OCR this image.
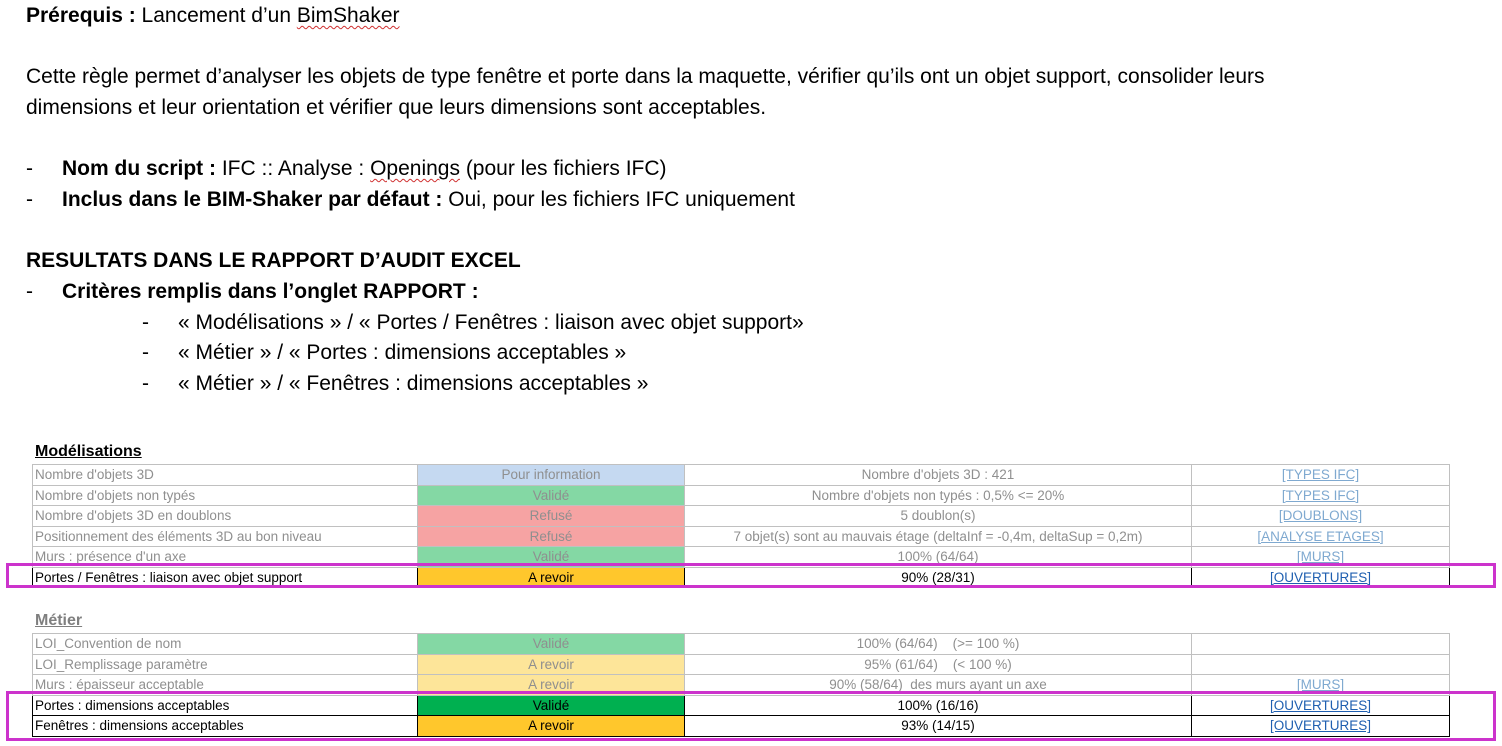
Prérequis : Lancement d’un BimShaker
Cette règle permet d’analyser les objets de type fenêtre et porte dans la maquette, vérifier qu’ils ont un objet support, consolider leurs
dimensions et leur orientation et vérifier que leurs dimensions sont acceptables.
- Nom du script : IFC :: Analyse : Openings (pour les fichiers IFC)
- Inclus dans le BIM-Shaker par défaut : Oui, pour les fichiers IFC uniquement
RESULTATS DANS LE RAPPORT D’AUDIT EXCEL
- Critères remplis dans l’onglet RAPPORT :
- « Modélisations » / « Portes / Fenêtres : liaison avec objet support»
- « Métier » / « Portes : dimensions acceptables »
- « Métier » / « Fenêtres : dimensions acceptables »
Modélisations
Nombre d'objets 3D	Pour information	Nombre d'objets 3D : 421	[TYPES IFC]
Nombre d'objets non typés	Validé	Nombre d'objets non typés : 0,5% <= 20%	[TYPES IFC]
Nombre d'objets 3D en doublons	Refusé	5 doublon(s)	[DOUBLONS]
Positionnement des éléments 3D au bon niveau	Refusé	7 objet(s) sont au mauvais étage (deltaInf = -0,4m, deltaSup = 0,2m)	[ANALYSE ETAGES]
Murs : présence d'un axe	Validé	100% (64/64)	[MURS]
Portes / Fenêtres : liaison avec objet support	A revoir	90% (28/31)	[OUVERTURES]
Métier
LOI_Convention de nom	Validé	100% (64/64)    (>= 100 %)	
LOI_Remplissage paramètre	A revoir	95% (61/64)    (< 100 %)	
Murs : épaisseur acceptable	A revoir	90% (58/64)  des murs ayant un axe	[MURS]
Portes : dimensions acceptables	Validé	100% (16/16)	[OUVERTURES]
Fenêtres : dimensions acceptables	A revoir	93% (14/15)	[OUVERTURES]
